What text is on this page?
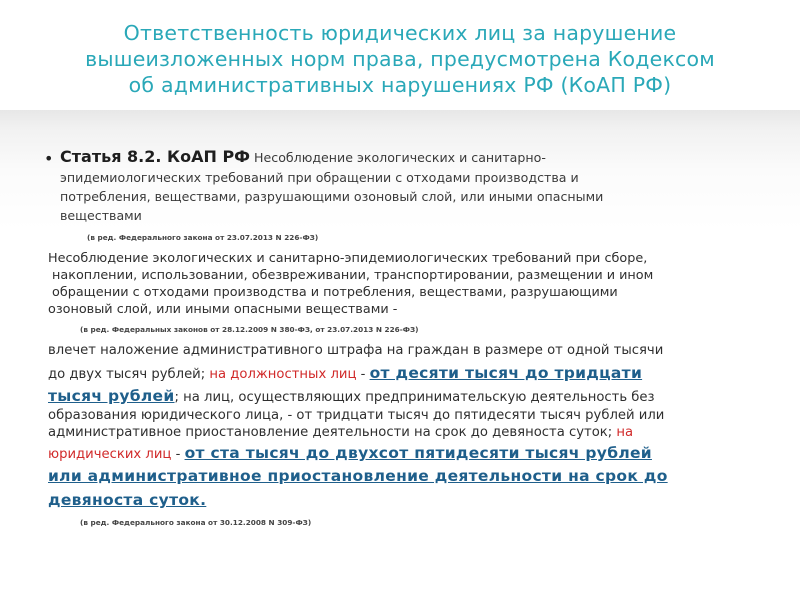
Ответственность юридических лиц за нарушение
вышеизложенных норм права, предусмотрена Кодексом
об административных нарушениях РФ (КоАП РФ)
• Статья 8.2. КоАП РФ Несоблюдение экологических и санитарно-
эпидемиологических требований при обращении с отходами производства и
потребления, веществами, разрушающими озоновый слой, или иными опасными
веществами
(в ред. Федерального закона от 23.07.2013 N 226-ФЗ)
Несоблюдение экологических и санитарно-эпидемиологических требований при сборе,
накоплении, использовании, обезвреживании, транспортировании, размещении и ином
обращении с отходами производства и потребления, веществами, разрушающими
озоновый слой, или иными опасными веществами -
(в ред. Федеральных законов от 28.12.2009 N 380-ФЗ, от 23.07.2013 N 226-ФЗ)
влечет наложение административного штрафа на граждан в размере от одной тысячи
до двух тысяч рублей; на должностных лиц - от десяти тысяч до тридцати
тысяч рублей; на лиц, осуществляющих предпринимательскую деятельность без
образования юридического лица, - от тридцати тысяч до пятидесяти тысяч рублей или
административное приостановление деятельности на срок до девяноста суток; на
юридических лиц - от ста тысяч до двухсот пятидесяти тысяч рублей
или административное приостановление деятельности на срок до
девяноста суток.
(в ред. Федерального закона от 30.12.2008 N 309-ФЗ)
